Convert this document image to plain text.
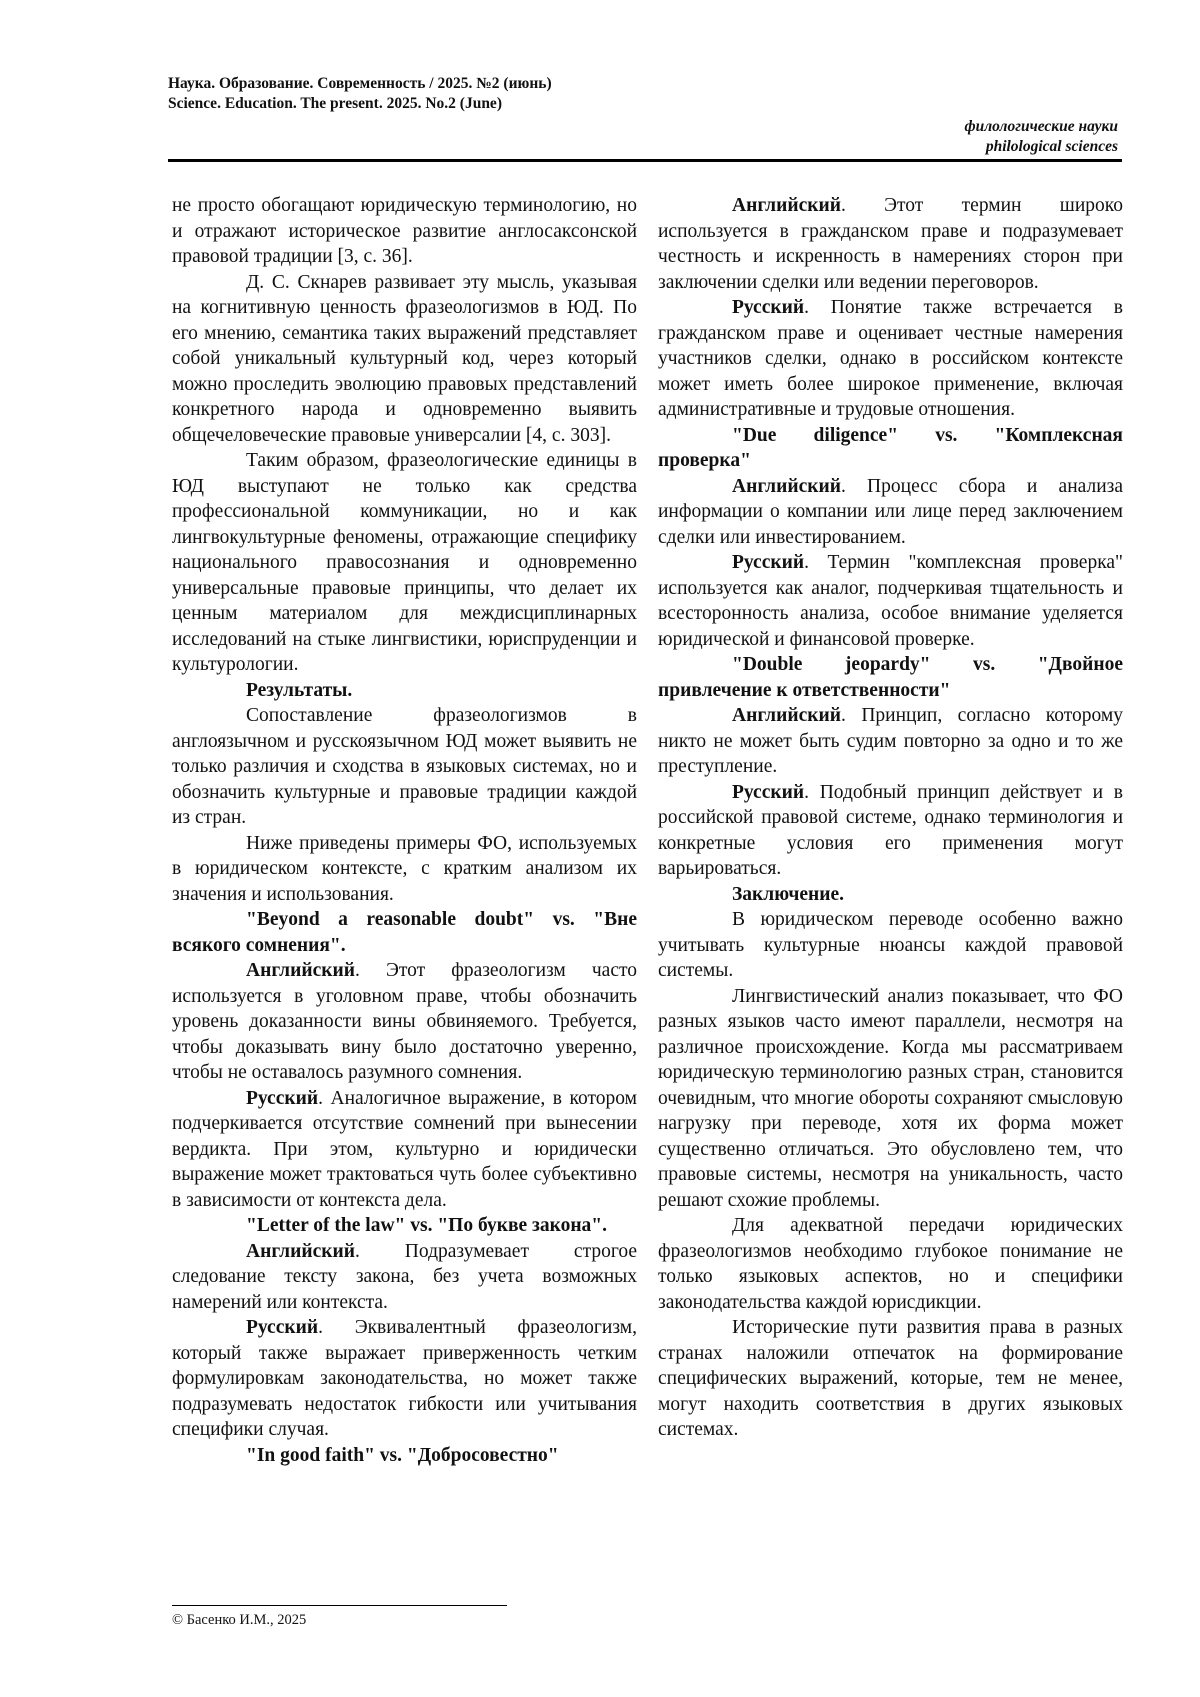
Наука. Образование. Современность / 2025. №2 (июнь)
Science. Education. The present. 2025. No.2 (June)
филологические науки
philological sciences

не просто обогащают юридическую терминологию, но и отражают историческое развитие англосаксонской правовой традиции [3, с. 36].

Д. С. Скнарев развивает эту мысль, указывая на когнитивную ценность фразеологизмов в ЮД. По его мнению, семантика таких выражений представляет собой уникальный культурный код, через который можно проследить эволюцию правовых представлений конкретного народа и одновременно выявить общечеловеческие правовые универсалии [4, с. 303].

Таким образом, фразеологические единицы в ЮД выступают не только как средства профессиональной коммуникации, но и как лингвокультурные феномены, отражающие специфику национального правосознания и одновременно универсальные правовые принципы, что делает их ценным материалом для междисциплинарных исследований на стыке лингвистики, юриспруденции и культурологии.

Результаты.

Сопоставление фразеологизмов в англоязычном и русскоязычном ЮД может выявить не только различия и сходства в языковых системах, но и обозначить культурные и правовые традиции каждой из стран.

Ниже приведены примеры ФО, используемых в юридическом контексте, с кратким анализом их значения и использования.

"Beyond a reasonable doubt" vs. "Вне всякого сомнения".

Английский. Этот фразеологизм часто используется в уголовном праве, чтобы обозначить уровень доказанности вины обвиняемого. Требуется, чтобы доказывать вину было достаточно уверенно, чтобы не оставалось разумного сомнения.

Русский. Аналогичное выражение, в котором подчеркивается отсутствие сомнений при вынесении вердикта. При этом, культурно и юридически выражение может трактоваться чуть более субъективно в зависимости от контекста дела.

"Letter of the law" vs. "По букве закона".

Английский. Подразумевает строгое следование тексту закона, без учета возможных намерений или контекста.

Русский. Эквивалентный фразеологизм, который также выражает приверженность четким формулировкам законодательства, но может также подразумевать недостаток гибкости или учитывания специфики случая.

"In good faith" vs. "Добросовестно"

Английский. Этот термин широко используется в гражданском праве и подразумевает честность и искренность в намерениях сторон при заключении сделки или ведении переговоров.

Русский. Понятие также встречается в гражданском праве и оценивает честные намерения участников сделки, однако в российском контексте может иметь более широкое применение, включая административные и трудовые отношения.

"Due diligence" vs. "Комплексная проверка"

Английский. Процесс сбора и анализа информации о компании или лице перед заключением сделки или инвестированием.

Русский. Термин "комплексная проверка" используется как аналог, подчеркивая тщательность и всесторонность анализа, особое внимание уделяется юридической и финансовой проверке.

"Double jeopardy" vs. "Двойное привлечение к ответственности"

Английский. Принцип, согласно которому никто не может быть судим повторно за одно и то же преступление.

Русский. Подобный принцип действует и в российской правовой системе, однако терминология и конкретные условия его применения могут варьироваться.

Заключение.

В юридическом переводе особенно важно учитывать культурные нюансы каждой правовой системы.

Лингвистический анализ показывает, что ФО разных языков часто имеют параллели, несмотря на различное происхождение. Когда мы рассматриваем юридическую терминологию разных стран, становится очевидным, что многие обороты сохраняют смысловую нагрузку при переводе, хотя их форма может существенно отличаться. Это обусловлено тем, что правовые системы, несмотря на уникальность, часто решают схожие проблемы.

Для адекватной передачи юридических фразеологизмов необходимо глубокое понимание не только языковых аспектов, но и специфики законодательства каждой юрисдикции.

Исторические пути развития права в разных странах наложили отпечаток на формирование специфических выражений, которые, тем не менее, могут находить соответствия в других языковых системах.

© Басенко И.М., 2025
